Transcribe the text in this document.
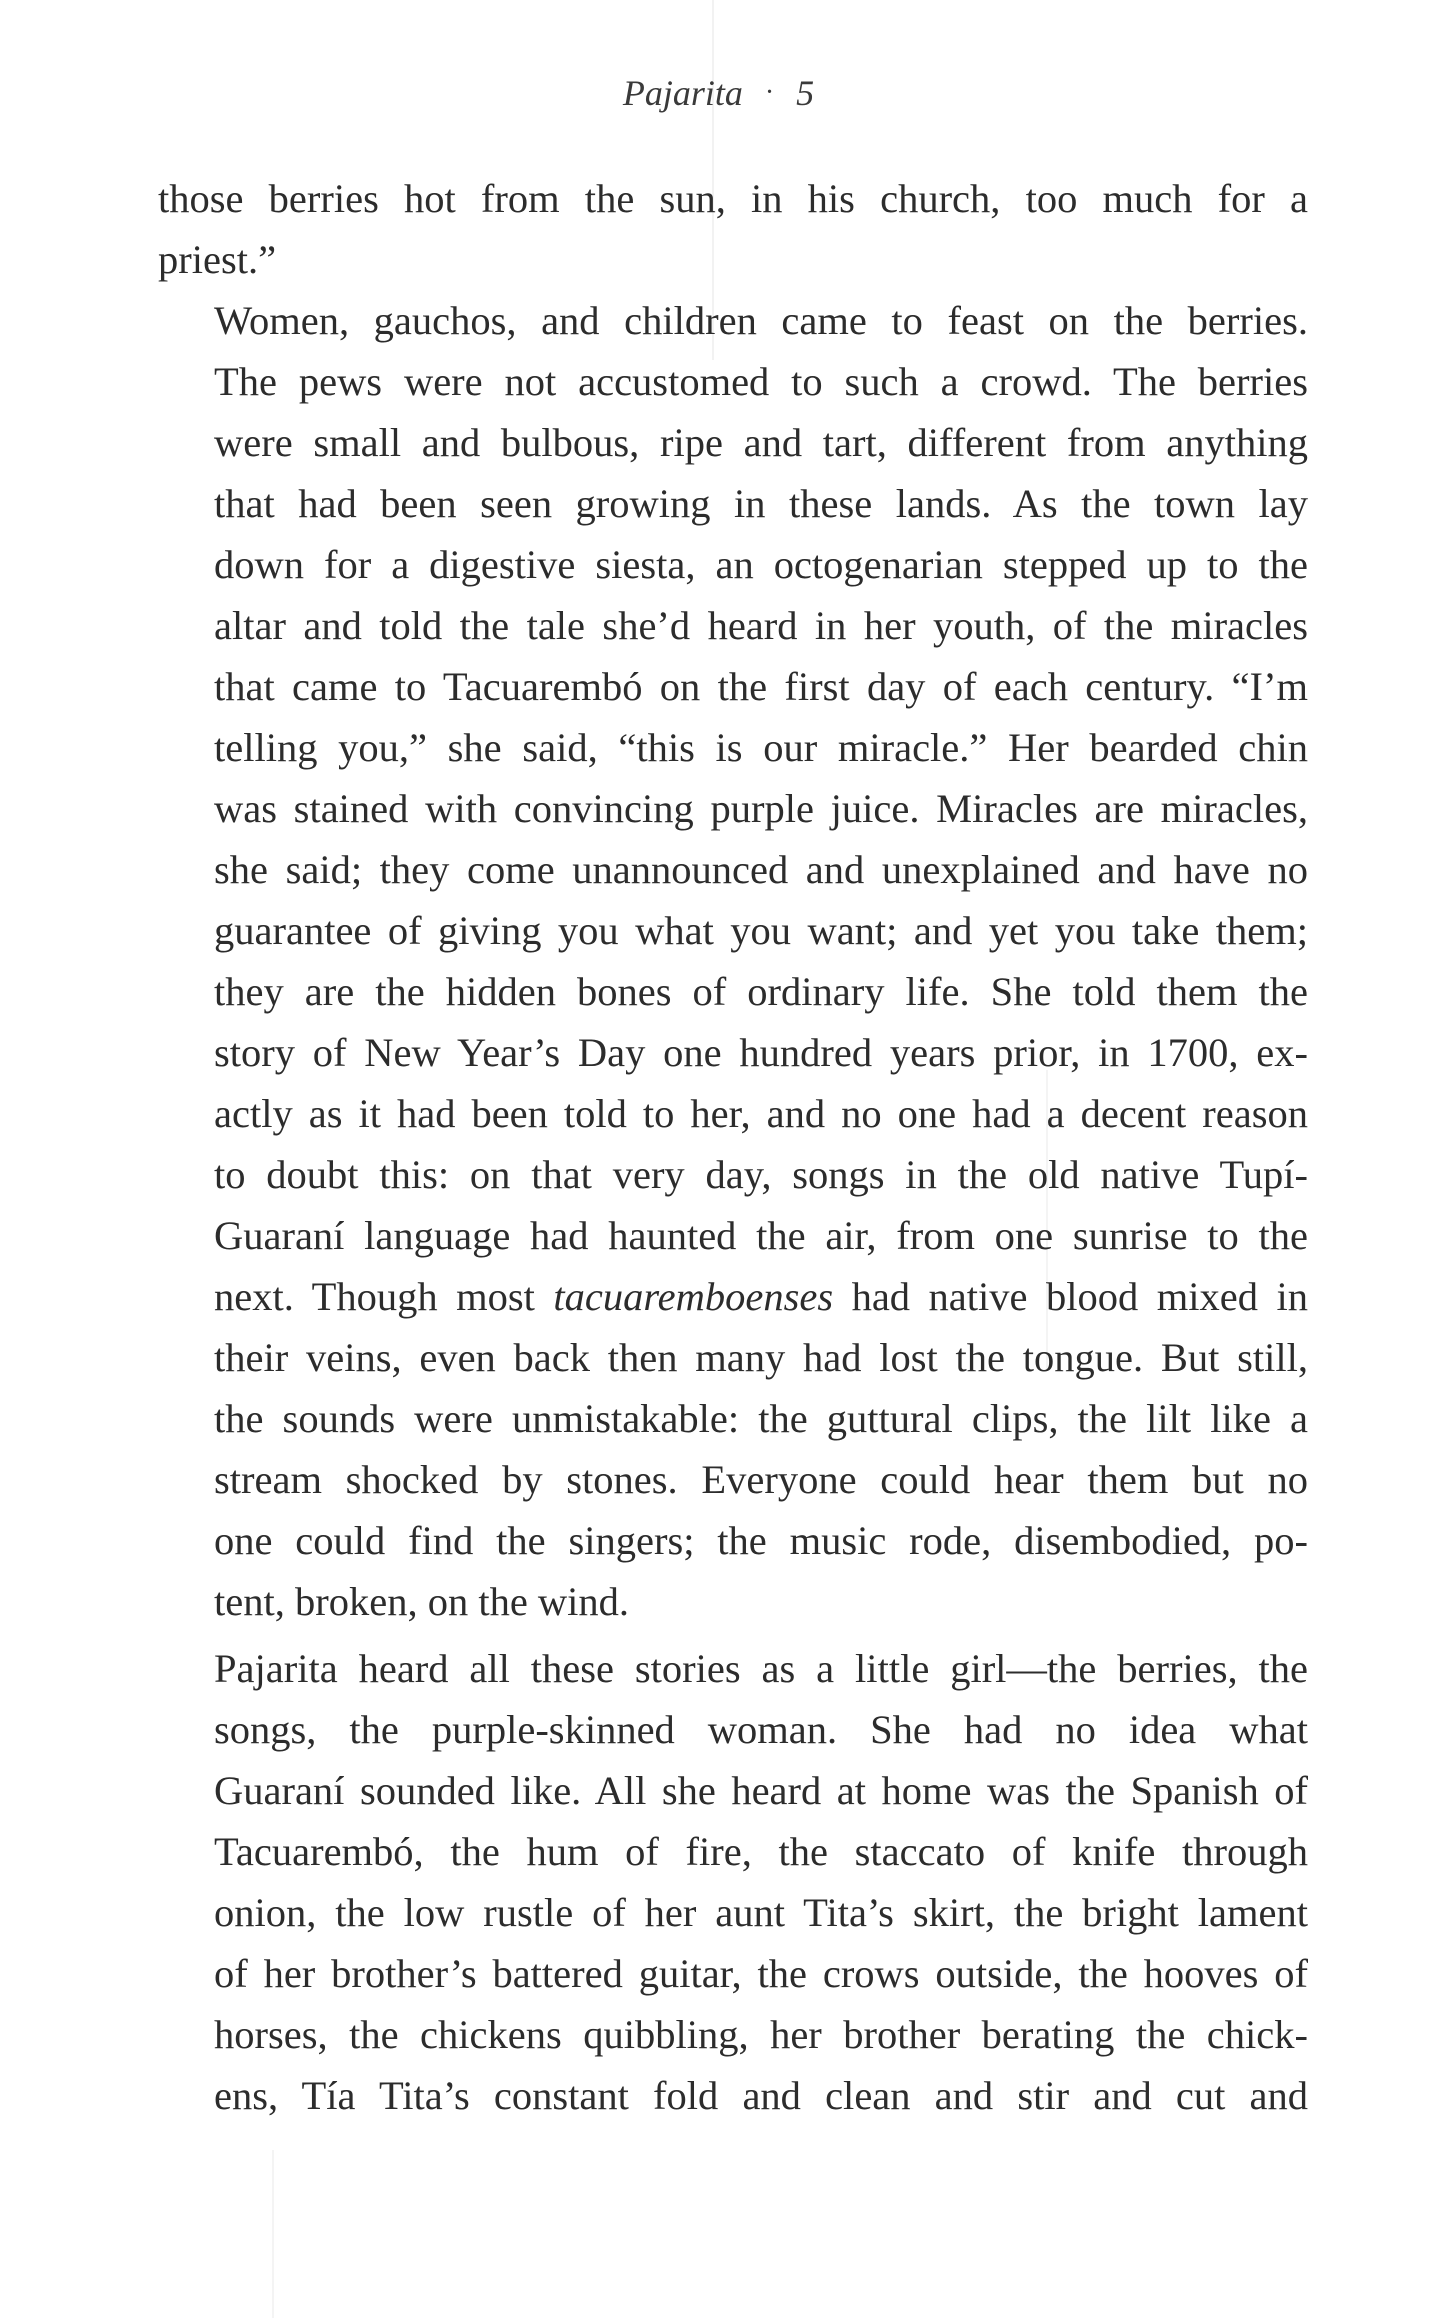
Pajarita · 5
those berries hot from the sun, in his church, too much for a
priest.”
Women, gauchos, and children came to feast on the berries.
The pews were not accustomed to such a crowd. The berries
were small and bulbous, ripe and tart, different from anything
that had been seen growing in these lands. As the town lay
down for a digestive siesta, an octogenarian stepped up to the
altar and told the tale she’d heard in her youth, of the miracles
that came to Tacuarembó on the first day of each century. “I’m
telling you,” she said, “this is our miracle.” Her bearded chin
was stained with convincing purple juice. Miracles are miracles,
she said; they come unannounced and unexplained and have no
guarantee of giving you what you want; and yet you take them;
they are the hidden bones of ordinary life. She told them the
story of New Year’s Day one hundred years prior, in 1700, ex-
actly as it had been told to her, and no one had a decent reason
to doubt this: on that very day, songs in the old native Tupí-
Guaraní language had haunted the air, from one sunrise to the
next. Though most tacuaremboenses had native blood mixed in
their veins, even back then many had lost the tongue. But still,
the sounds were unmistakable: the guttural clips, the lilt like a
stream shocked by stones. Everyone could hear them but no
one could find the singers; the music rode, disembodied, po-
tent, broken, on the wind.
Pajarita heard all these stories as a little girl—the berries, the
songs, the purple-skinned woman. She had no idea what
Guaraní sounded like. All she heard at home was the Spanish of
Tacuarembó, the hum of fire, the staccato of knife through
onion, the low rustle of her aunt Tita’s skirt, the bright lament
of her brother’s battered guitar, the crows outside, the hooves of
horses, the chickens quibbling, her brother berating the chick-
ens, Tía Tita’s constant fold and clean and stir and cut and
